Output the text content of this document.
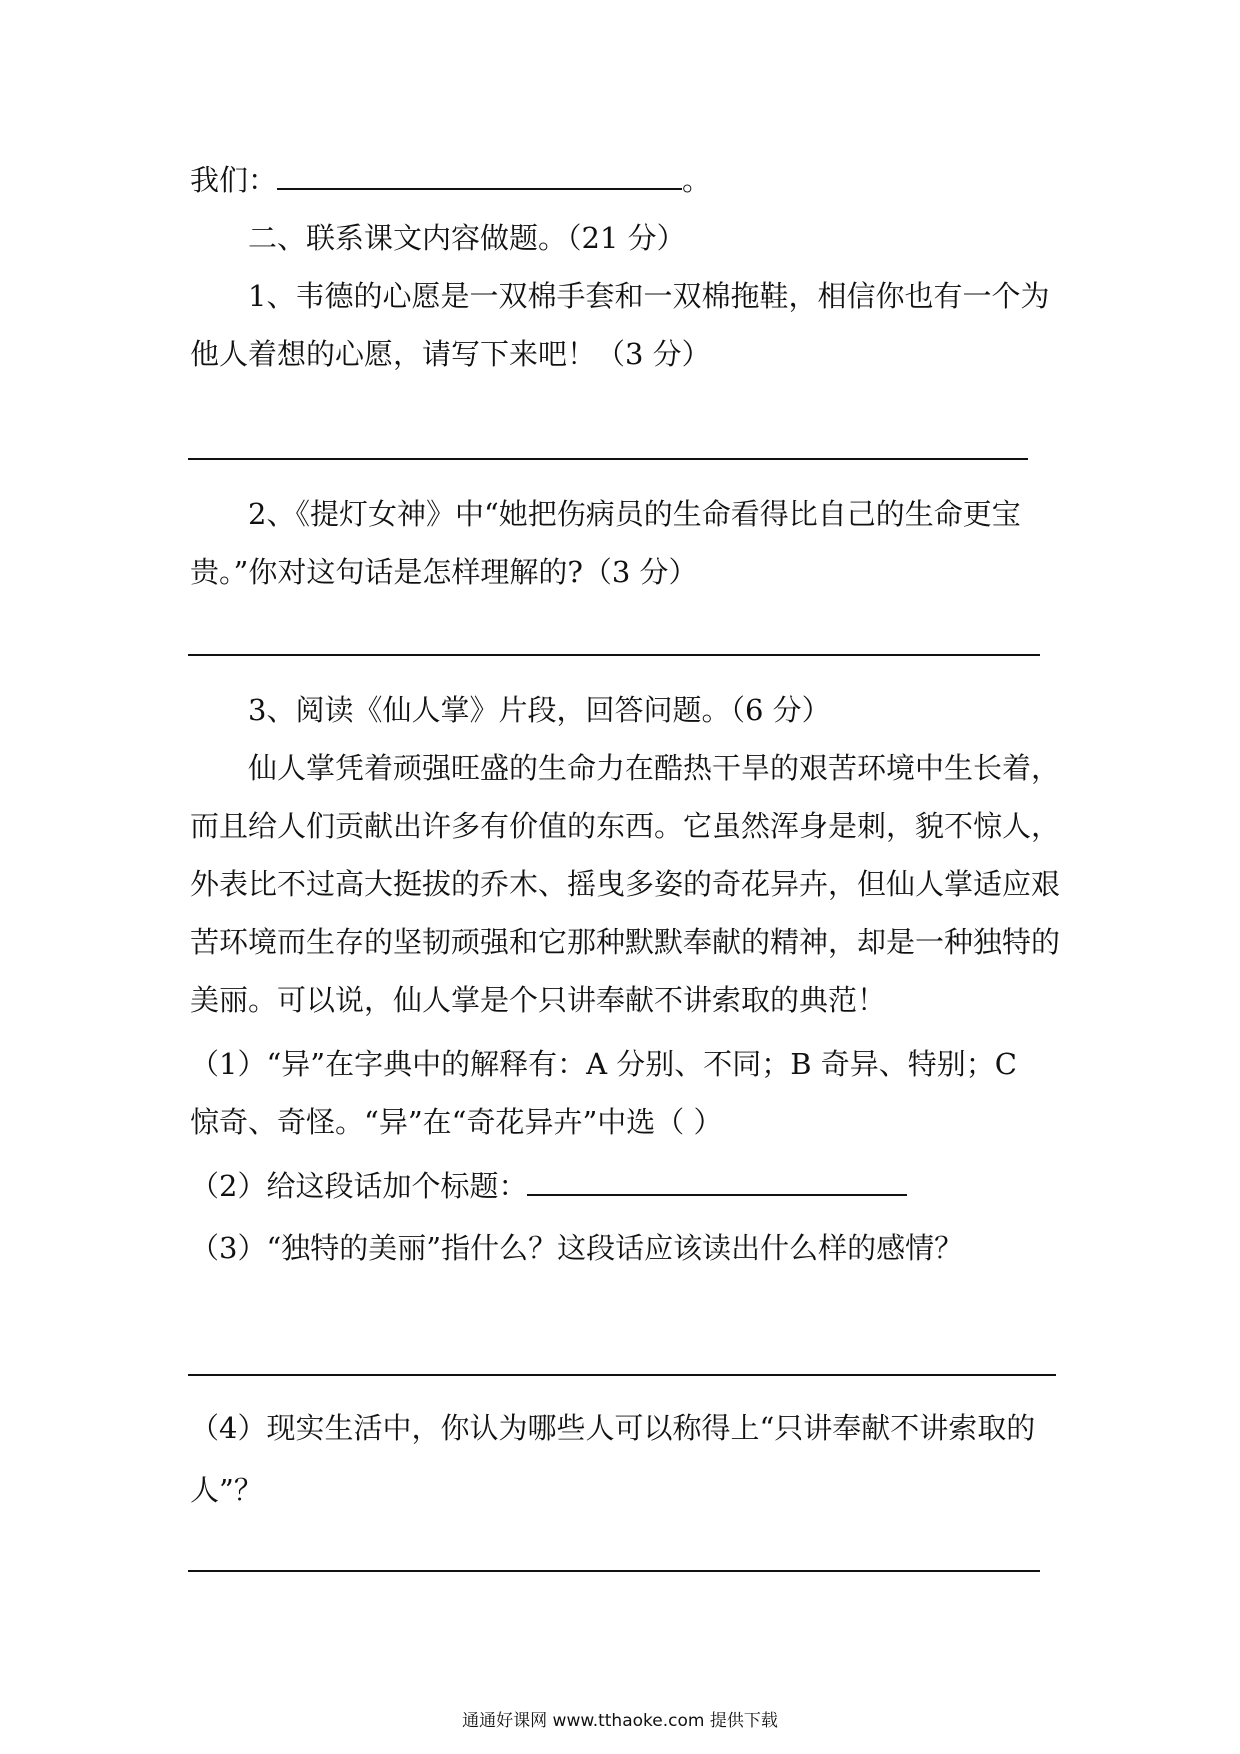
我们：	。
二、联系课文内容做题。（21 分）
1、韦德的心愿是一双棉手套和一双棉拖鞋，相信你也有一个为
他人着想的心愿，请写下来吧！（3 分）
2、《提灯女神》中“她把伤病员的生命看得比自己的生命更宝
贵。”你对这句话是怎样理解的?（3 分）
3、阅读《仙人掌》片段，回答问题。（6 分）
仙人掌凭着顽强旺盛的生命力在酷热干旱的艰苦环境中生长着，
而且给人们贡献出许多有价值的东西。它虽然浑身是刺，貌不惊人，
外表比不过高大挺拔的乔木、摇曳多姿的奇花异卉，但仙人掌适应艰
苦环境而生存的坚韧顽强和它那种默默奉献的精神，却是一种独特的
美丽。可以说，仙人掌是个只讲奉献不讲索取的典范！
（1）“异”在字典中的解释有：A 分别、不同；B 奇异、特别；C
惊奇、奇怪。“异”在“奇花异卉”中选（ ）
（2）给这段话加个标题：
（3）“独特的美丽”指什么？这段话应该读出什么样的感情？
（4）现实生活中，你认为哪些人可以称得上“只讲奉献不讲索取的
人”？
通通好课网 www.tthaoke.com 提供下载
